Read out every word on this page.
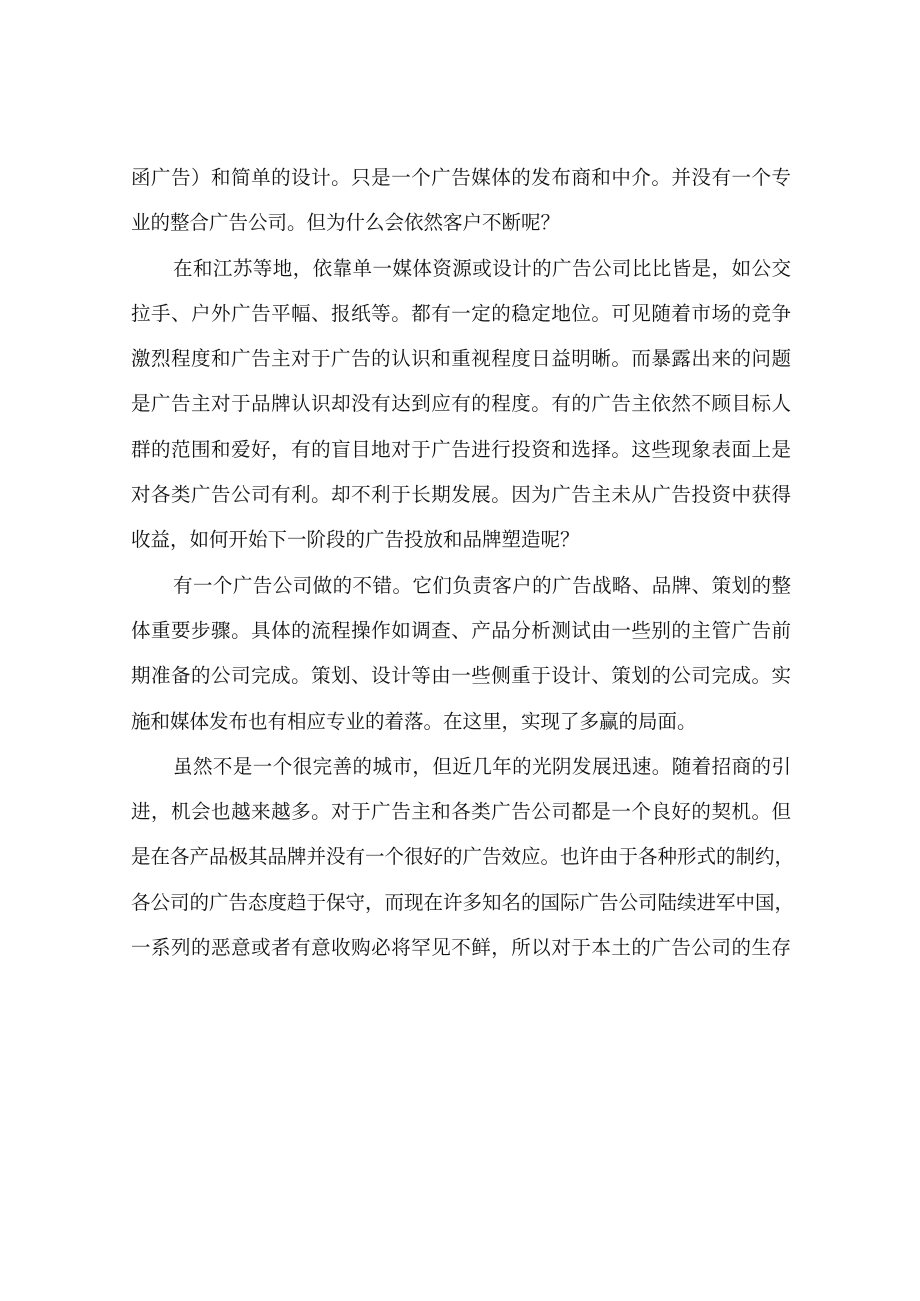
函广告）和简单的设计。只是一个广告媒体的发布商和中介。并没有一个专
业的整合广告公司。但为什么会依然客户不断呢？
在和江苏等地，依靠单一媒体资源或设计的广告公司比比皆是，如公交
拉手、户外广告平幅、报纸等。都有一定的稳定地位。可见随着市场的竞争
激烈程度和广告主对于广告的认识和重视程度日益明晰。而暴露出来的问题
是广告主对于品牌认识却没有达到应有的程度。有的广告主依然不顾目标人
群的范围和爱好，有的盲目地对于广告进行投资和选择。这些现象表面上是
对各类广告公司有利。却不利于长期发展。因为广告主未从广告投资中获得
收益，如何开始下一阶段的广告投放和品牌塑造呢？
有一个广告公司做的不错。它们负责客户的广告战略、品牌、策划的整
体重要步骤。具体的流程操作如调查、产品分析测试由一些别的主管广告前
期准备的公司完成。策划、设计等由一些侧重于设计、策划的公司完成。实
施和媒体发布也有相应专业的着落。在这里，实现了多赢的局面。
虽然不是一个很完善的城市，但近几年的光阴发展迅速。随着招商的引
进，机会也越来越多。对于广告主和各类广告公司都是一个良好的契机。但
是在各产品极其品牌并没有一个很好的广告效应。也许由于各种形式的制约，
各公司的广告态度趋于保守，而现在许多知名的国际广告公司陆续进军中国，
一系列的恶意或者有意收购必将罕见不鲜，所以对于本土的广告公司的生存
